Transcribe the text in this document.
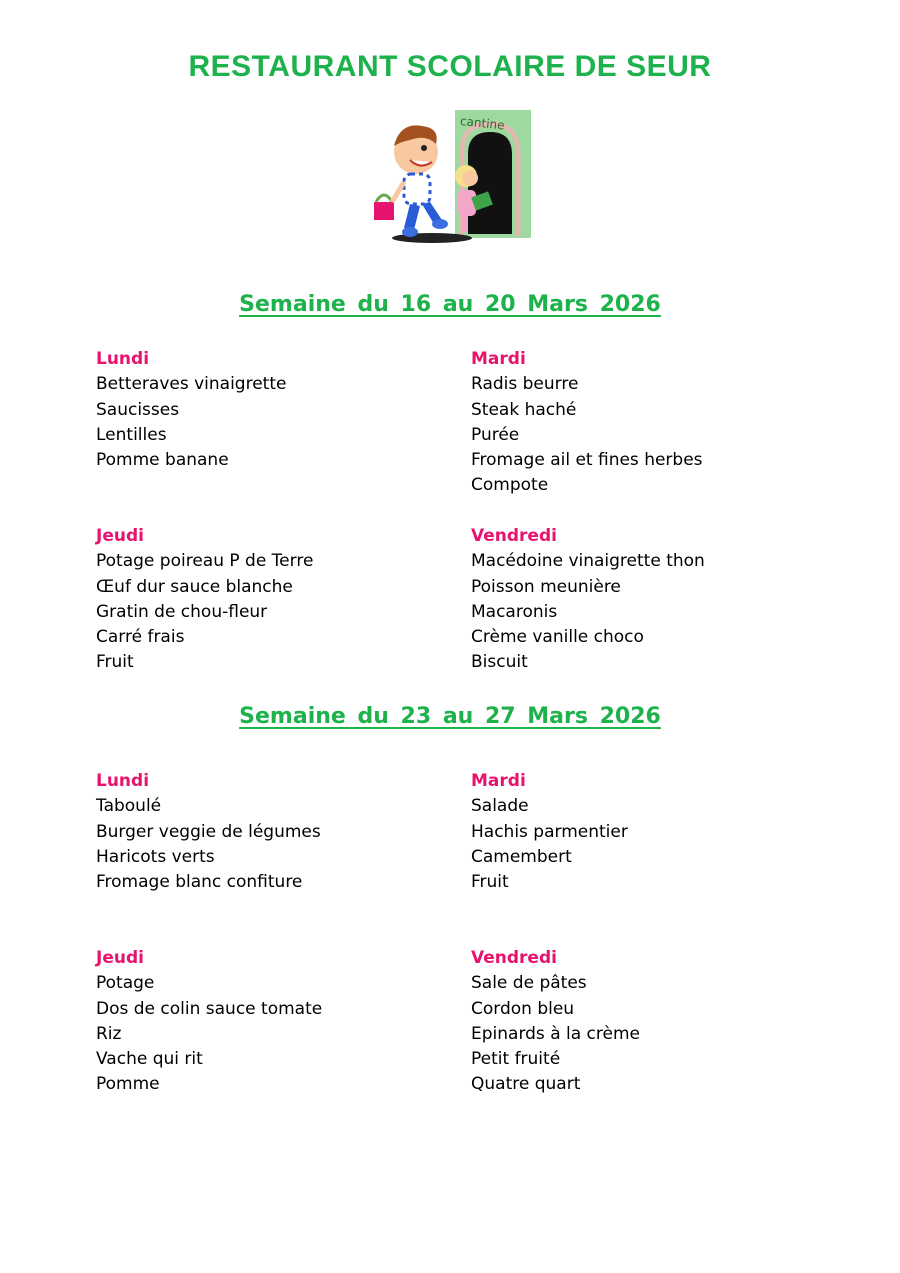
RESTAURANT SCOLAIRE DE SEUR
cantine
Semaine du 16 au 20 Mars 2026
Lundi
Betteraves vinaigrette
Saucisses
Lentilles
Pomme banane
Mardi
Radis beurre
Steak haché
Purée
Fromage ail et fines herbes
Compote
Jeudi
Potage poireau P de Terre
Œuf dur sauce blanche
Gratin de chou-fleur
Carré frais
Fruit
Vendredi
Macédoine vinaigrette thon
Poisson meunière
Macaronis
Crème vanille choco
Biscuit
Semaine du 23 au 27 Mars 2026
Lundi
Taboulé
Burger veggie de légumes
Haricots verts
Fromage blanc confiture
Mardi
Salade
Hachis parmentier
Camembert
Fruit
Jeudi
Potage
Dos de colin sauce tomate
Riz
Vache qui rit
Pomme
Vendredi
Sale de pâtes
Cordon bleu
Epinards à la crème
Petit fruité
Quatre quart
